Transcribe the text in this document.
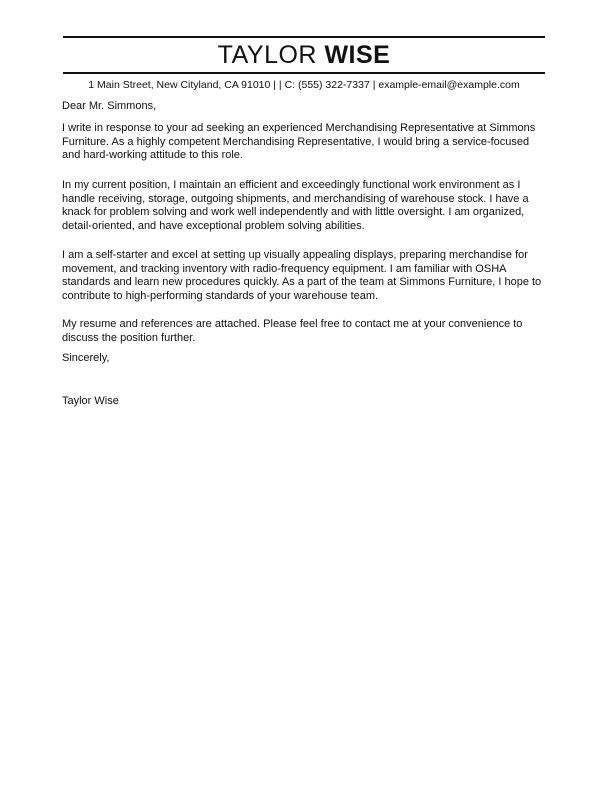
TAYLOR WISE
1 Main Street, New Cityland, CA 91010 | | C: (555) 322-7337 | example-email@example.com
Dear Mr. Simmons,

I write in response to your ad seeking an experienced Merchandising Representative at Simmons Furniture. As a highly competent Merchandising Representative, I would bring a service-focused and hard-working attitude to this role.

In my current position, I maintain an efficient and exceedingly functional work environment as I handle receiving, storage, outgoing shipments, and merchandising of warehouse stock. I have a knack for problem solving and work well independently and with little oversight. I am organized, detail-oriented, and have exceptional problem solving abilities.

I am a self-starter and excel at setting up visually appealing displays, preparing merchandise for movement, and tracking inventory with radio-frequency equipment. I am familiar with OSHA standards and learn new procedures quickly. As a part of the team at Simmons Furniture, I hope to contribute to high-performing standards of your warehouse team.

My resume and references are attached. Please feel free to contact me at your convenience to discuss the position further.

Sincerely,
Taylor Wise
